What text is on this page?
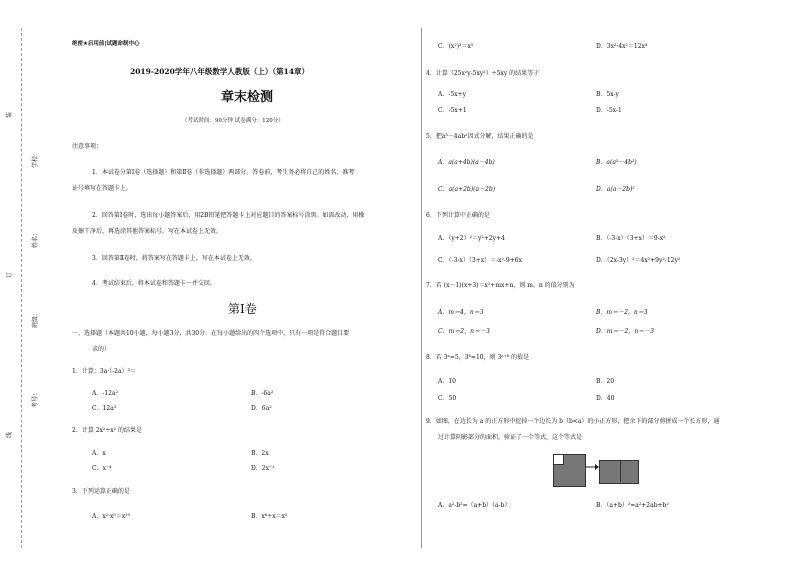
装
订
线
学校：
姓名：
班级：
考号：
绝密★启用前|试题命制中心
2019-2020学年八年级数学人教版（上）（第14章）
章末检测
（考试时间：90分钟 试卷满分：120分）
注意事项：
1．本试卷分第Ⅰ卷（选择题）和第Ⅱ卷（非选择题）两部分。答卷前，考生务必将自己的姓名、准考
证号填写在答题卡上。
2．回答第Ⅰ卷时，选出每小题答案后，用2B铅笔把答题卡上对应题目的答案标号涂黑。如需改动，用橡
皮擦干净后，再选涂其他答案标号。写在本试卷上无效。
3．回答第Ⅱ卷时，将答案写在答题卡上。写在本试卷上无效。
4．考试结束后，将本试卷和答题卡一并交回。
第Ⅰ卷
一、选择题（本题共10小题，每小题3分，共30分．在每小题给出的四个选项中，只有一项是符合题目要
求的）
1．计算：3a·（-2a）³＝
A．-12a²	B．-6a²
C．12a³	D．6a²
2．计算 2x²÷x² 的结果是
A．x	B．2x
C．x⁻⁴	D．2x⁻¹
3．下列运算正确的是
A．x²·x⁵＝x¹⁰	B．x⁶÷x＝x⁵
C．(x²)³＝x⁵	D．3x²·4x²＝12x⁴
4．计算（25x²y-5xy²）÷5xy 的结果等于
A．-5x+y	B．5x-y
C．-5x+1	D．-5x-1
5．把a³－4ab²因式分解，结果正确的是
A．a(a+4b)(a－4b)	B．a(a²－4b²)
C．a(a+2b)(a－2b)	D．a(a－2b)²
6．下列计算中正确的是
A．（y+2）²＝y²+2y+4	B．（-3-x）（3+x）＝9-x²
C．（-3-x）（3+x）＝-x²-9+6x	D．（2x-3y）²＝4x²+9y²-12y²
7．若 (x－1)(x+3)＝x²+mx+n，则 m、n 的值分别为
A．m＝4，n＝3	B．m＝－2，n＝3
C．m＝2，n＝－3	D．m＝－2，n＝－3
8．若 3ᵃ=5，3ᵇ=10，则 3ᵃ⁺ᵇ 的值是
A．10	B．20
C．50	D．40
9．如图，在边长为 a 的正方形中挖掉一个边长为 b（b<a）的小正方形，把余下的部分剪拼成一个长方形，通
过计算阴影部分的面积，验证了一个等式，这个等式是
A．a²-b²=（a+b）（a-b）	B．（a+b）²=a²+2ab+b²
